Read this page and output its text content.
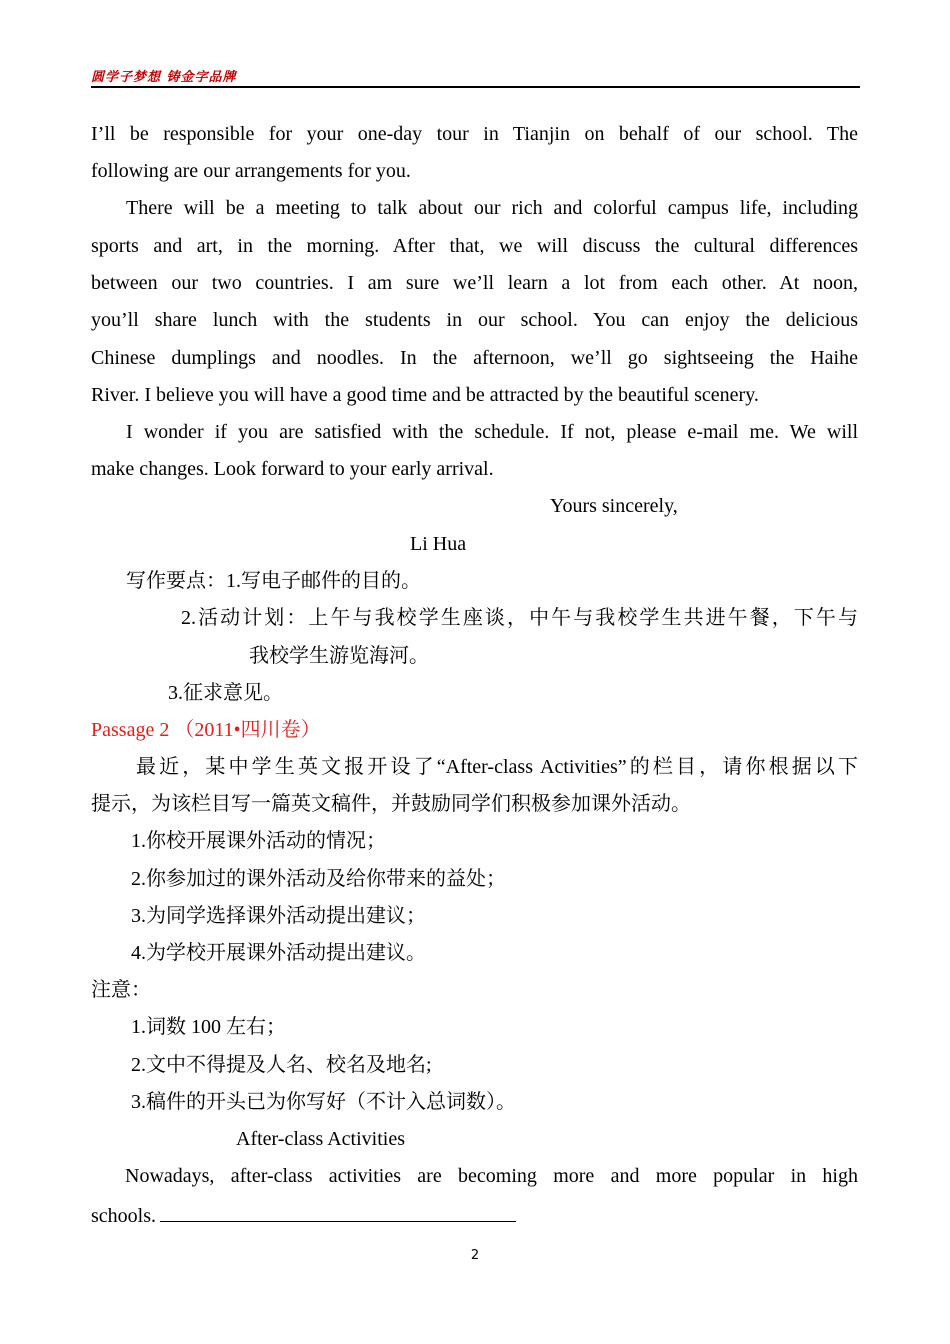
圆学子梦想 铸金字品牌
I’ll be responsible for your one-day tour in Tianjin on behalf of our school. The
following are our arrangements for you.
There will be a meeting to talk about our rich and colorful campus life, including
sports and art, in the morning. After that, we will discuss the cultural differences
between our two countries. I am sure we’ll learn a lot from each other. At noon,
you’ll share lunch with the students in our school. You can enjoy the delicious
Chinese dumplings and noodles. In the afternoon, we’ll go sightseeing the Haihe
River. I believe you will have a good time and be attracted by the beautiful scenery.
I wonder if you are satisfied with the schedule. If not, please e-mail me. We will
make changes. Look forward to your early arrival.
Yours sincerely,
Li Hua
写作要点：1.写电子邮件的目的。
2.活动计划：上午与我校学生座谈，中午与我校学生共进午餐，下午与
我校学生游览海河。
3.征求意见。
Passage 2 （2011•四川卷）
最近，某中学生英文报开设了“After-class Activities”的栏目，请你根据以下
提示，为该栏目写一篇英文稿件，并鼓励同学们积极参加课外活动。
1.你校开展课外活动的情况；
2.你参加过的课外活动及给你带来的益处；
3.为同学选择课外活动提出建议；
4.为学校开展课外活动提出建议。
注意：
1.词数 100 左右；
2.文中不得提及人名、校名及地名;
3.稿件的开头已为你写好（不计入总词数）。
After-class Activities
Nowadays, after-class activities are becoming more and more popular in high
schools.
2
